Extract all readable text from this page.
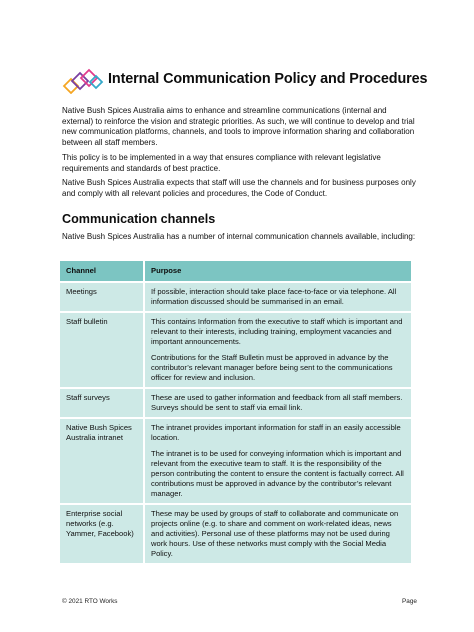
Internal Communication Policy and Procedures

Native Bush Spices Australia aims to enhance and streamline communications (internal and external) to reinforce the vision and strategic priorities. As such, we will continue to develop and trial new communication platforms, channels, and tools to improve information sharing and collaboration between all staff members.

This policy is to be implemented in a way that ensures compliance with relevant legislative requirements and standards of best practice.

Native Bush Spices Australia expects that staff will use the channels and for business purposes only and comply with all relevant policies and procedures, the Code of Conduct.

Communication channels

Native Bush Spices Australia has a number of internal communication channels available, including:

Channel	Purpose
Meetings	If possible, interaction should take place face-to-face or via telephone. All information discussed should be summarised in an email.

Staff bulletin	This contains Information from the executive to staff which is important and relevant to their interests, including training, employment vacancies and important announcements.

Contributions for the Staff Bulletin must be approved in advance by the contributor’s relevant manager before being sent to the communications officer for review and inclusion.

Staff surveys	These are used to gather information and feedback from all staff members. Surveys should be sent to staff via email link.

Native Bush Spices Australia intranet	The intranet provides important information for staff in an easily accessible location.

The intranet is to be used for conveying information which is important and relevant from the executive team to staff. It is the responsibility of the person contributing the content to ensure the content is factually correct. All contributions must be approved in advance by the contributor’s relevant manager.

Enterprise social networks (e.g. Yammer, Facebook)	These may be used by groups of staff to collaborate and communicate on projects online (e.g. to share and comment on work-related ideas, news and activities). Personal use of these platforms may not be used during work hours. Use of these networks must comply with the Social Media Policy.

© 2021 RTO Works	Page
